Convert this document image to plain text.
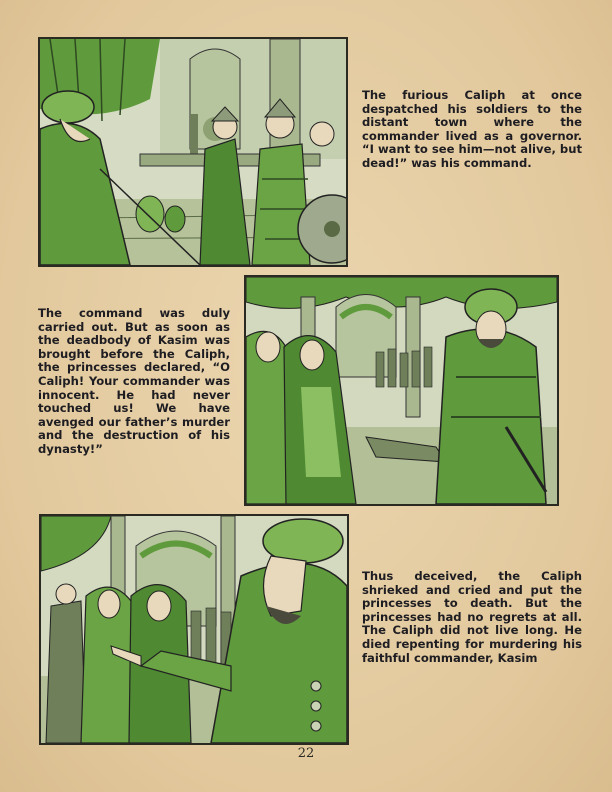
The furious Caliph at once despatched his soldiers to the distant town where the commander lived as a governor. “I want to see him—not alive, but dead!” was his command.
The command was duly carried out. But as soon as the deadbody of Kasim was brought before the Caliph, the princesses declared, “O Caliph! Your commander was innocent. He had never touched us! We have avenged our father’s murder and the destruction of his dynasty!”
Thus deceived, the Caliph shrieked and cried and put the princesses to death. But the princesses had no regrets at all. The Caliph did not live long. He died repenting for murdering his faithful commander, Kasim
22
